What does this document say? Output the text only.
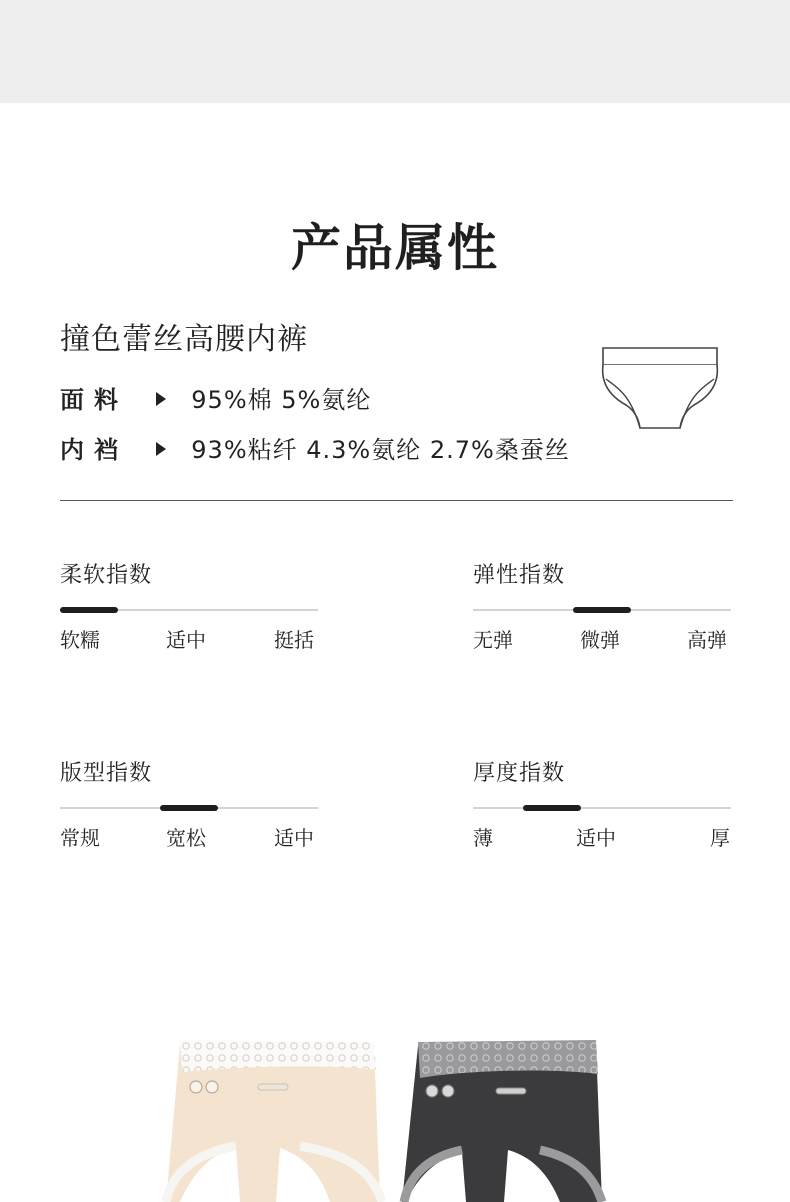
产品属性
撞色蕾丝高腰内裤
面料	95%棉 5%氨纶
内裆	93%粘纤 4.3%氨纶 2.7%桑蚕丝
柔软指数
软糯	适中	挺括
弹性指数
无弹	微弹	高弹
版型指数
常规	宽松	适中
厚度指数
薄	适中	厚
